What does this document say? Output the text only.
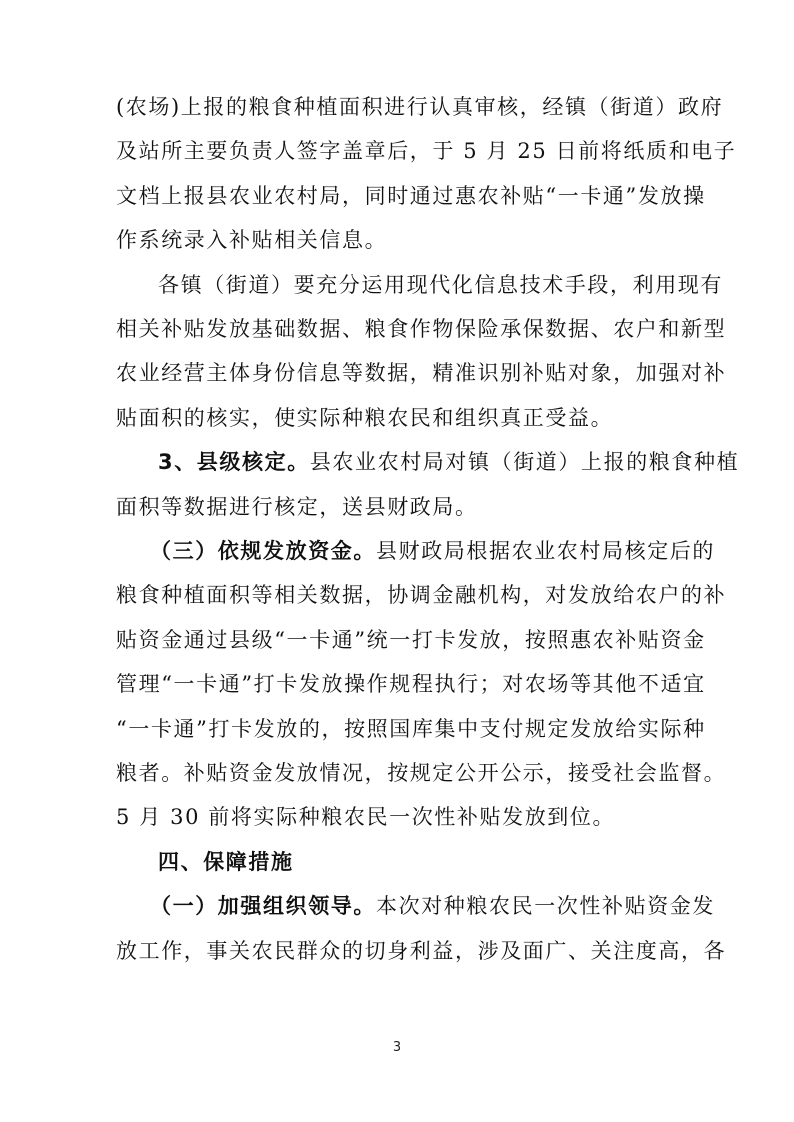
(农场)上报的粮食种植面积进行认真审核，经镇（街道）政府
及站所主要负责人签字盖章后，于 5 月 25 日前将纸质和电子
文档上报县农业农村局，同时通过惠农补贴“一卡通”发放操
作系统录入补贴相关信息。
各镇（街道）要充分运用现代化信息技术手段，利用现有
相关补贴发放基础数据、粮食作物保险承保数据、农户和新型
农业经营主体身份信息等数据，精准识别补贴对象，加强对补
贴面积的核实，使实际种粮农民和组织真正受益。
3、县级核定。县农业农村局对镇（街道）上报的粮食种植
面积等数据进行核定，送县财政局。
（三）依规发放资金。县财政局根据农业农村局核定后的
粮食种植面积等相关数据，协调金融机构，对发放给农户的补
贴资金通过县级“一卡通”统一打卡发放，按照惠农补贴资金
管理“一卡通”打卡发放操作规程执行；对农场等其他不适宜
“一卡通”打卡发放的，按照国库集中支付规定发放给实际种
粮者。补贴资金发放情况，按规定公开公示，接受社会监督。
5 月 30 前将实际种粮农民一次性补贴发放到位。
四、保障措施
（一）加强组织领导。本次对种粮农民一次性补贴资金发
放工作，事关农民群众的切身利益，涉及面广、关注度高，各
3
